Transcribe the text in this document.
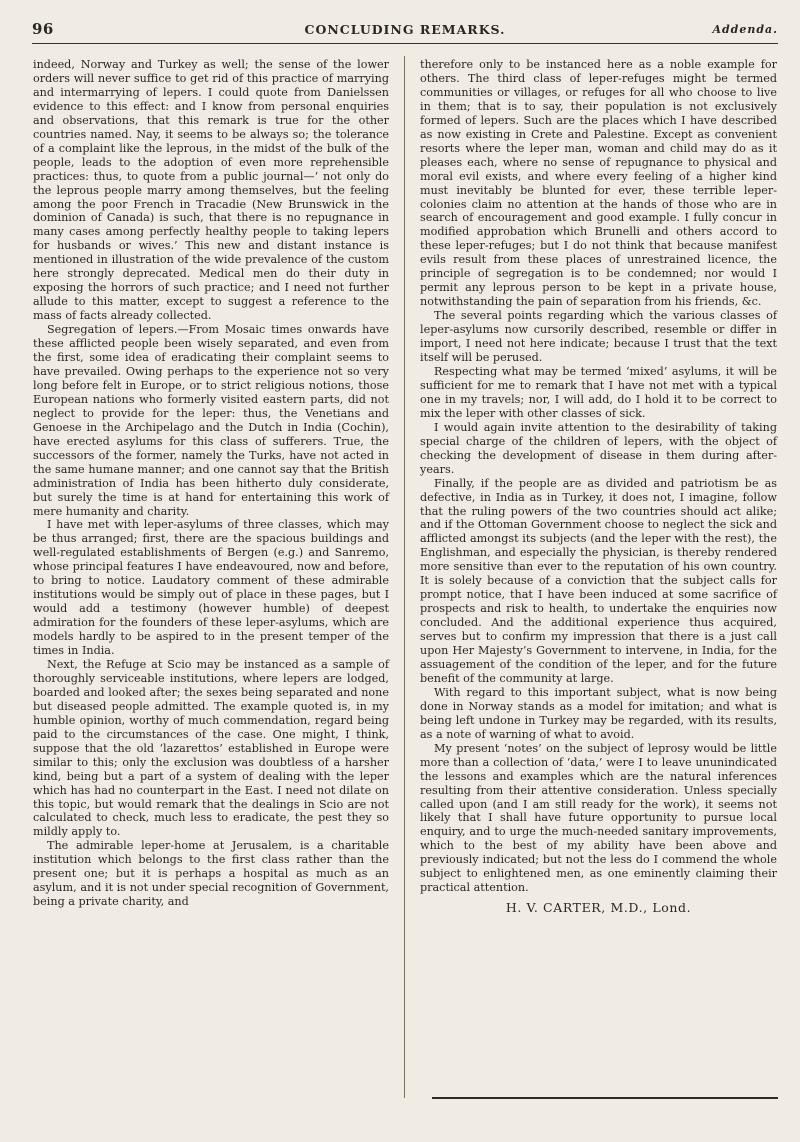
96	CONCLUDING REMARKS.	Addenda.

indeed, Norway and Turkey as well; the sense of the lower orders will never suffice to get rid of this practice of marrying and intermarrying of lepers. I could quote from Danielssen evidence to this effect: and I know from personal enquiries and observations, that this remark is true for the other countries named. Nay, it seems to be always so; the tolerance of a complaint like the leprous, in the midst of the bulk of the people, leads to the adoption of even more reprehensible practices: thus, to quote from a public journal—‘ not only do the leprous people marry among themselves, but the feeling among the poor French in Tracadie (New Brunswick in the dominion of Canada) is such, that there is no repugnance in many cases among perfectly healthy people to taking lepers for husbands or wives.’ This new and distant instance is mentioned in illustration of the wide prevalence of the custom here strongly deprecated. Medical men do their duty in exposing the horrors of such practice; and I need not further allude to this matter, except to suggest a reference to the mass of facts already collected.

Segregation of lepers.—From Mosaic times onwards have these afflicted people been wisely separated, and even from the first, some idea of eradicating their complaint seems to have prevailed. Owing perhaps to the experience not so very long before felt in Europe, or to strict religious notions, those European nations who formerly visited eastern parts, did not neglect to provide for the leper: thus, the Venetians and Genoese in the Archipelago and the Dutch in India (Cochin), have erected asylums for this class of sufferers. True, the successors of the former, namely the Turks, have not acted in the same humane manner; and one cannot say that the British administration of India has been hitherto duly considerate, but surely the time is at hand for entertaining this work of mere humanity and charity.

I have met with leper-asylums of three classes, which may be thus arranged; first, there are the spacious buildings and well-regulated establishments of Bergen (e.g.) and Sanremo, whose principal features I have endeavoured, now and before, to bring to notice. Laudatory comment of these admirable institutions would be simply out of place in these pages, but I would add a testimony (however humble) of deepest admiration for the founders of these leper-asylums, which are models hardly to be aspired to in the present temper of the times in India.

Next, the Refuge at Scio may be instanced as a sample of thoroughly serviceable institutions, where lepers are lodged, boarded and looked after; the sexes being separated and none but diseased people admitted. The example quoted is, in my humble opinion, worthy of much commendation, regard being paid to the circumstances of the case. One might, I think, suppose that the old ‘lazarettos’ established in Europe were similar to this; only the exclusion was doubtless of a harsher kind, being but a part of a system of dealing with the leper which has had no counterpart in the East. I need not dilate on this topic, but would remark that the dealings in Scio are not calculated to check, much less to eradicate, the pest they so mildly apply to.

The admirable leper-home at Jerusalem, is a charitable institution which belongs to the first class rather than the present one; but it is perhaps a hospital as much as an asylum, and it is not under special recognition of Government, being a private charity, and

therefore only to be instanced here as a noble example for others. The third class of leper-refuges might be termed communities or villages, or refuges for all who choose to live in them; that is to say, their population is not exclusively formed of lepers. Such are the places which I have described as now existing in Crete and Palestine. Except as convenient resorts where the leper man, woman and child may do as it pleases each, where no sense of repugnance to physical and moral evil exists, and where every feeling of a higher kind must inevitably be blunted for ever, these terrible leper-colonies claim no attention at the hands of those who are in search of encouragement and good example. I fully concur in modified approbation which Brunelli and others accord to these leper-refuges; but I do not think that because manifest evils result from these places of unrestrained licence, the principle of segregation is to be condemned; nor would I permit any leprous person to be kept in a private house, notwithstanding the pain of separation from his friends, &c.

The several points regarding which the various classes of leper-asylums now cursorily described, resemble or differ in import, I need not here indicate; because I trust that the text itself will be perused.

Respecting what may be termed ‘mixed’ asylums, it will be sufficient for me to remark that I have not met with a typical one in my travels; nor, I will add, do I hold it to be correct to mix the leper with other classes of sick.

I would again invite attention to the desirability of taking special charge of the children of lepers, with the object of checking the development of disease in them during after-years.

Finally, if the people are as divided and patriotism be as defective, in India as in Turkey, it does not, I imagine, follow that the ruling powers of the two countries should act alike; and if the Ottoman Government choose to neglect the sick and afflicted amongst its subjects (and the leper with the rest), the Englishman, and especially the physician, is thereby rendered more sensitive than ever to the reputation of his own country. It is solely because of a conviction that the subject calls for prompt notice, that I have been induced at some sacrifice of prospects and risk to health, to undertake the enquiries now concluded. And the additional experience thus acquired, serves but to confirm my impression that there is a just call upon Her Majesty’s Government to intervene, in India, for the assuagement of the condition of the leper, and for the future benefit of the community at large.

With regard to this important subject, what is now being done in Norway stands as a model for imitation; and what is being left undone in Turkey may be regarded, with its results, as a note of warning of what to avoid.

My present ‘notes’ on the subject of leprosy would be little more than a collection of ‘data,’ were I to leave ununindicated the lessons and examples which are the natural inferences resulting from their attentive consideration. Unless specially called upon (and I am still ready for the work), it seems not likely that I shall have future opportunity to pursue local enquiry, and to urge the much-needed sanitary improvements, which to the best of my ability have been above and previously indicated; but not the less do I commend the whole subject to enlightened men, as one eminently claiming their practical attention.

H. V. CARTER, M.D., Lond.
